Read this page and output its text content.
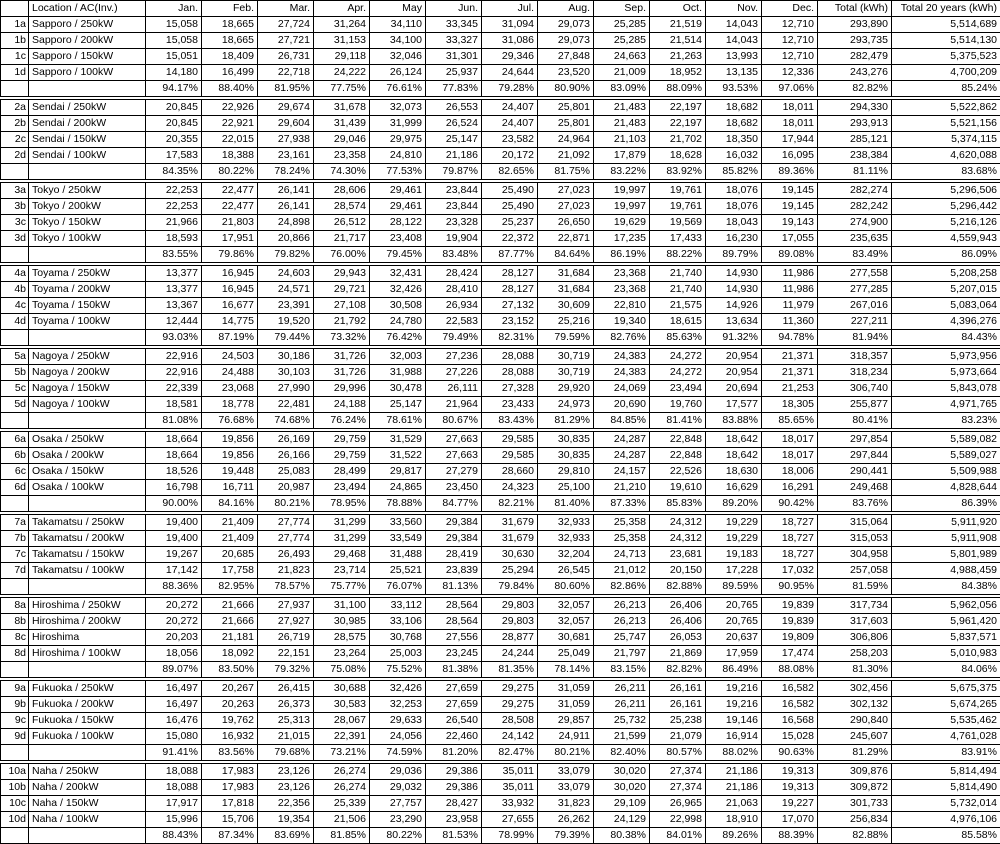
	Location / AC(Inv.)	Jan.	Feb.	Mar.	Apr.	May	Jun.	Jul.	Aug.	Sep.	Oct.	Nov.	Dec.	Total (kWh)	Total 20 years (kWh)
1a	Sapporo / 250kW	15,058	18,665	27,724	31,264	34,110	33,345	31,094	29,073	25,285	21,519	14,043	12,710	293,890	5,514,689
1b	Sapporo / 200kW	15,058	18,665	27,721	31,153	34,100	33,327	31,086	29,073	25,285	21,514	14,043	12,710	293,735	5,514,130
1c	Sapporo / 150kW	15,051	18,409	26,731	29,118	32,046	31,301	29,346	27,848	24,663	21,263	13,993	12,710	282,479	5,375,523
1d	Sapporo / 100kW	14,180	16,499	22,718	24,222	26,124	25,937	24,644	23,520	21,009	18,952	13,135	12,336	243,276	4,700,209
		94.17%	88.40%	81.95%	77.75%	76.61%	77.83%	79.28%	80.90%	83.09%	88.09%	93.53%	97.06%	82.82%	85.24%

2a	Sendai / 250kW	20,845	22,926	29,674	31,678	32,073	26,553	24,407	25,801	21,483	22,197	18,682	18,011	294,330	5,522,862
2b	Sendai / 200kW	20,845	22,921	29,604	31,439	31,999	26,524	24,407	25,801	21,483	22,197	18,682	18,011	293,913	5,521,156
2c	Sendai / 150kW	20,355	22,015	27,938	29,046	29,975	25,147	23,582	24,964	21,103	21,702	18,350	17,944	285,121	5,374,115
2d	Sendai / 100kW	17,583	18,388	23,161	23,358	24,810	21,186	20,172	21,092	17,879	18,628	16,032	16,095	238,384	4,620,088
		84.35%	80.22%	78.24%	74.30%	77.53%	79.87%	82.65%	81.75%	83.22%	83.92%	85.82%	89.36%	81.11%	83.68%

3a	Tokyo / 250kW	22,253	22,477	26,141	28,606	29,461	23,844	25,490	27,023	19,997	19,761	18,076	19,145	282,274	5,296,506
3b	Tokyo / 200kW	22,253	22,477	26,141	28,574	29,461	23,844	25,490	27,023	19,997	19,761	18,076	19,145	282,242	5,296,442
3c	Tokyo / 150kW	21,966	21,803	24,898	26,512	28,122	23,328	25,237	26,650	19,629	19,569	18,043	19,143	274,900	5,216,126
3d	Tokyo / 100kW	18,593	17,951	20,866	21,717	23,408	19,904	22,372	22,871	17,235	17,433	16,230	17,055	235,635	4,559,943
		83.55%	79.86%	79.82%	76.00%	79.45%	83.48%	87.77%	84.64%	86.19%	88.22%	89.79%	89.08%	83.49%	86.09%

4a	Toyama / 250kW	13,377	16,945	24,603	29,943	32,431	28,424	28,127	31,684	23,368	21,740	14,930	11,986	277,558	5,208,258
4b	Toyama / 200kW	13,377	16,945	24,571	29,721	32,426	28,410	28,127	31,684	23,368	21,740	14,930	11,986	277,285	5,207,015
4c	Toyama / 150kW	13,367	16,677	23,391	27,108	30,508	26,934	27,132	30,609	22,810	21,575	14,926	11,979	267,016	5,083,064
4d	Toyama / 100kW	12,444	14,775	19,520	21,792	24,780	22,583	23,152	25,216	19,340	18,615	13,634	11,360	227,211	4,396,276
		93.03%	87.19%	79.44%	73.32%	76.42%	79.49%	82.31%	79.59%	82.76%	85.63%	91.32%	94.78%	81.94%	84.43%

5a	Nagoya / 250kW	22,916	24,503	30,186	31,726	32,003	27,236	28,088	30,719	24,383	24,272	20,954	21,371	318,357	5,973,956
5b	Nagoya / 200kW	22,916	24,488	30,103	31,726	31,988	27,226	28,088	30,719	24,383	24,272	20,954	21,371	318,234	5,973,664
5c	Nagoya / 150kW	22,339	23,068	27,990	29,996	30,478	26,111	27,328	29,920	24,069	23,494	20,694	21,253	306,740	5,843,078
5d	Nagoya / 100kW	18,581	18,778	22,481	24,188	25,147	21,964	23,433	24,973	20,690	19,760	17,577	18,305	255,877	4,971,765
		81.08%	76.68%	74.68%	76.24%	78.61%	80.67%	83.43%	81.29%	84.85%	81.41%	83.88%	85.65%	80.41%	83.23%

6a	Osaka / 250kW	18,664	19,856	26,169	29,759	31,529	27,663	29,585	30,835	24,287	22,848	18,642	18,017	297,854	5,589,082
6b	Osaka / 200kW	18,664	19,856	26,166	29,759	31,522	27,663	29,585	30,835	24,287	22,848	18,642	18,017	297,844	5,589,027
6c	Osaka / 150kW	18,526	19,448	25,083	28,499	29,817	27,279	28,660	29,810	24,157	22,526	18,630	18,006	290,441	5,509,988
6d	Osaka / 100kW	16,798	16,711	20,987	23,494	24,865	23,450	24,323	25,100	21,210	19,610	16,629	16,291	249,468	4,828,644
		90.00%	84.16%	80.21%	78.95%	78.88%	84.77%	82.21%	81.40%	87.33%	85.83%	89.20%	90.42%	83.76%	86.39%

7a	Takamatsu / 250kW	19,400	21,409	27,774	31,299	33,560	29,384	31,679	32,933	25,358	24,312	19,229	18,727	315,064	5,911,920
7b	Takamatsu / 200kW	19,400	21,409	27,774	31,299	33,549	29,384	31,679	32,933	25,358	24,312	19,229	18,727	315,053	5,911,908
7c	Takamatsu / 150kW	19,267	20,685	26,493	29,468	31,488	28,419	30,630	32,204	24,713	23,681	19,183	18,727	304,958	5,801,989
7d	Takamatsu / 100kW	17,142	17,758	21,823	23,714	25,521	23,839	25,294	26,545	21,012	20,150	17,228	17,032	257,058	4,988,459
		88.36%	82.95%	78.57%	75.77%	76.07%	81.13%	79.84%	80.60%	82.86%	82.88%	89.59%	90.95%	81.59%	84.38%

8a	Hiroshima / 250kW	20,272	21,666	27,937	31,100	33,112	28,564	29,803	32,057	26,213	26,406	20,765	19,839	317,734	5,962,056
8b	Hiroshima / 200kW	20,272	21,666	27,927	30,985	33,106	28,564	29,803	32,057	26,213	26,406	20,765	19,839	317,603	5,961,420
8c	Hiroshima	20,203	21,181	26,719	28,575	30,768	27,556	28,877	30,681	25,747	26,053	20,637	19,809	306,806	5,837,571
8d	Hiroshima / 100kW	18,056	18,092	22,151	23,264	25,003	23,245	24,244	25,049	21,797	21,869	17,959	17,474	258,203	5,010,983
		89.07%	83.50%	79.32%	75.08%	75.52%	81.38%	81.35%	78.14%	83.15%	82.82%	86.49%	88.08%	81.30%	84.06%

9a	Fukuoka / 250kW	16,497	20,267	26,415	30,688	32,426	27,659	29,275	31,059	26,211	26,161	19,216	16,582	302,456	5,675,375
9b	Fukuoka / 200kW	16,497	20,263	26,373	30,583	32,253	27,659	29,275	31,059	26,211	26,161	19,216	16,582	302,132	5,674,265
9c	Fukuoka / 150kW	16,476	19,762	25,313	28,067	29,633	26,540	28,508	29,857	25,732	25,238	19,146	16,568	290,840	5,535,462
9d	Fukuoka / 100kW	15,080	16,932	21,015	22,391	24,056	22,460	24,142	24,911	21,599	21,079	16,914	15,028	245,607	4,761,028
		91.41%	83.56%	79.68%	73.21%	74.59%	81.20%	82.47%	80.21%	82.40%	80.57%	88.02%	90.63%	81.29%	83.91%

10a	Naha / 250kW	18,088	17,983	23,126	26,274	29,036	29,386	35,011	33,079	30,020	27,374	21,186	19,313	309,876	5,814,494
10b	Naha / 200kW	18,088	17,983	23,126	26,274	29,032	29,386	35,011	33,079	30,020	27,374	21,186	19,313	309,872	5,814,490
10c	Naha / 150kW	17,917	17,818	22,356	25,339	27,757	28,427	33,932	31,823	29,109	26,965	21,063	19,227	301,733	5,732,014
10d	Naha / 100kW	15,996	15,706	19,354	21,506	23,290	23,958	27,655	26,262	24,129	22,998	18,910	17,070	256,834	4,976,106
		88.43%	87.34%	83.69%	81.85%	80.22%	81.53%	78.99%	79.39%	80.38%	84.01%	89.26%	88.39%	82.88%	85.58%
